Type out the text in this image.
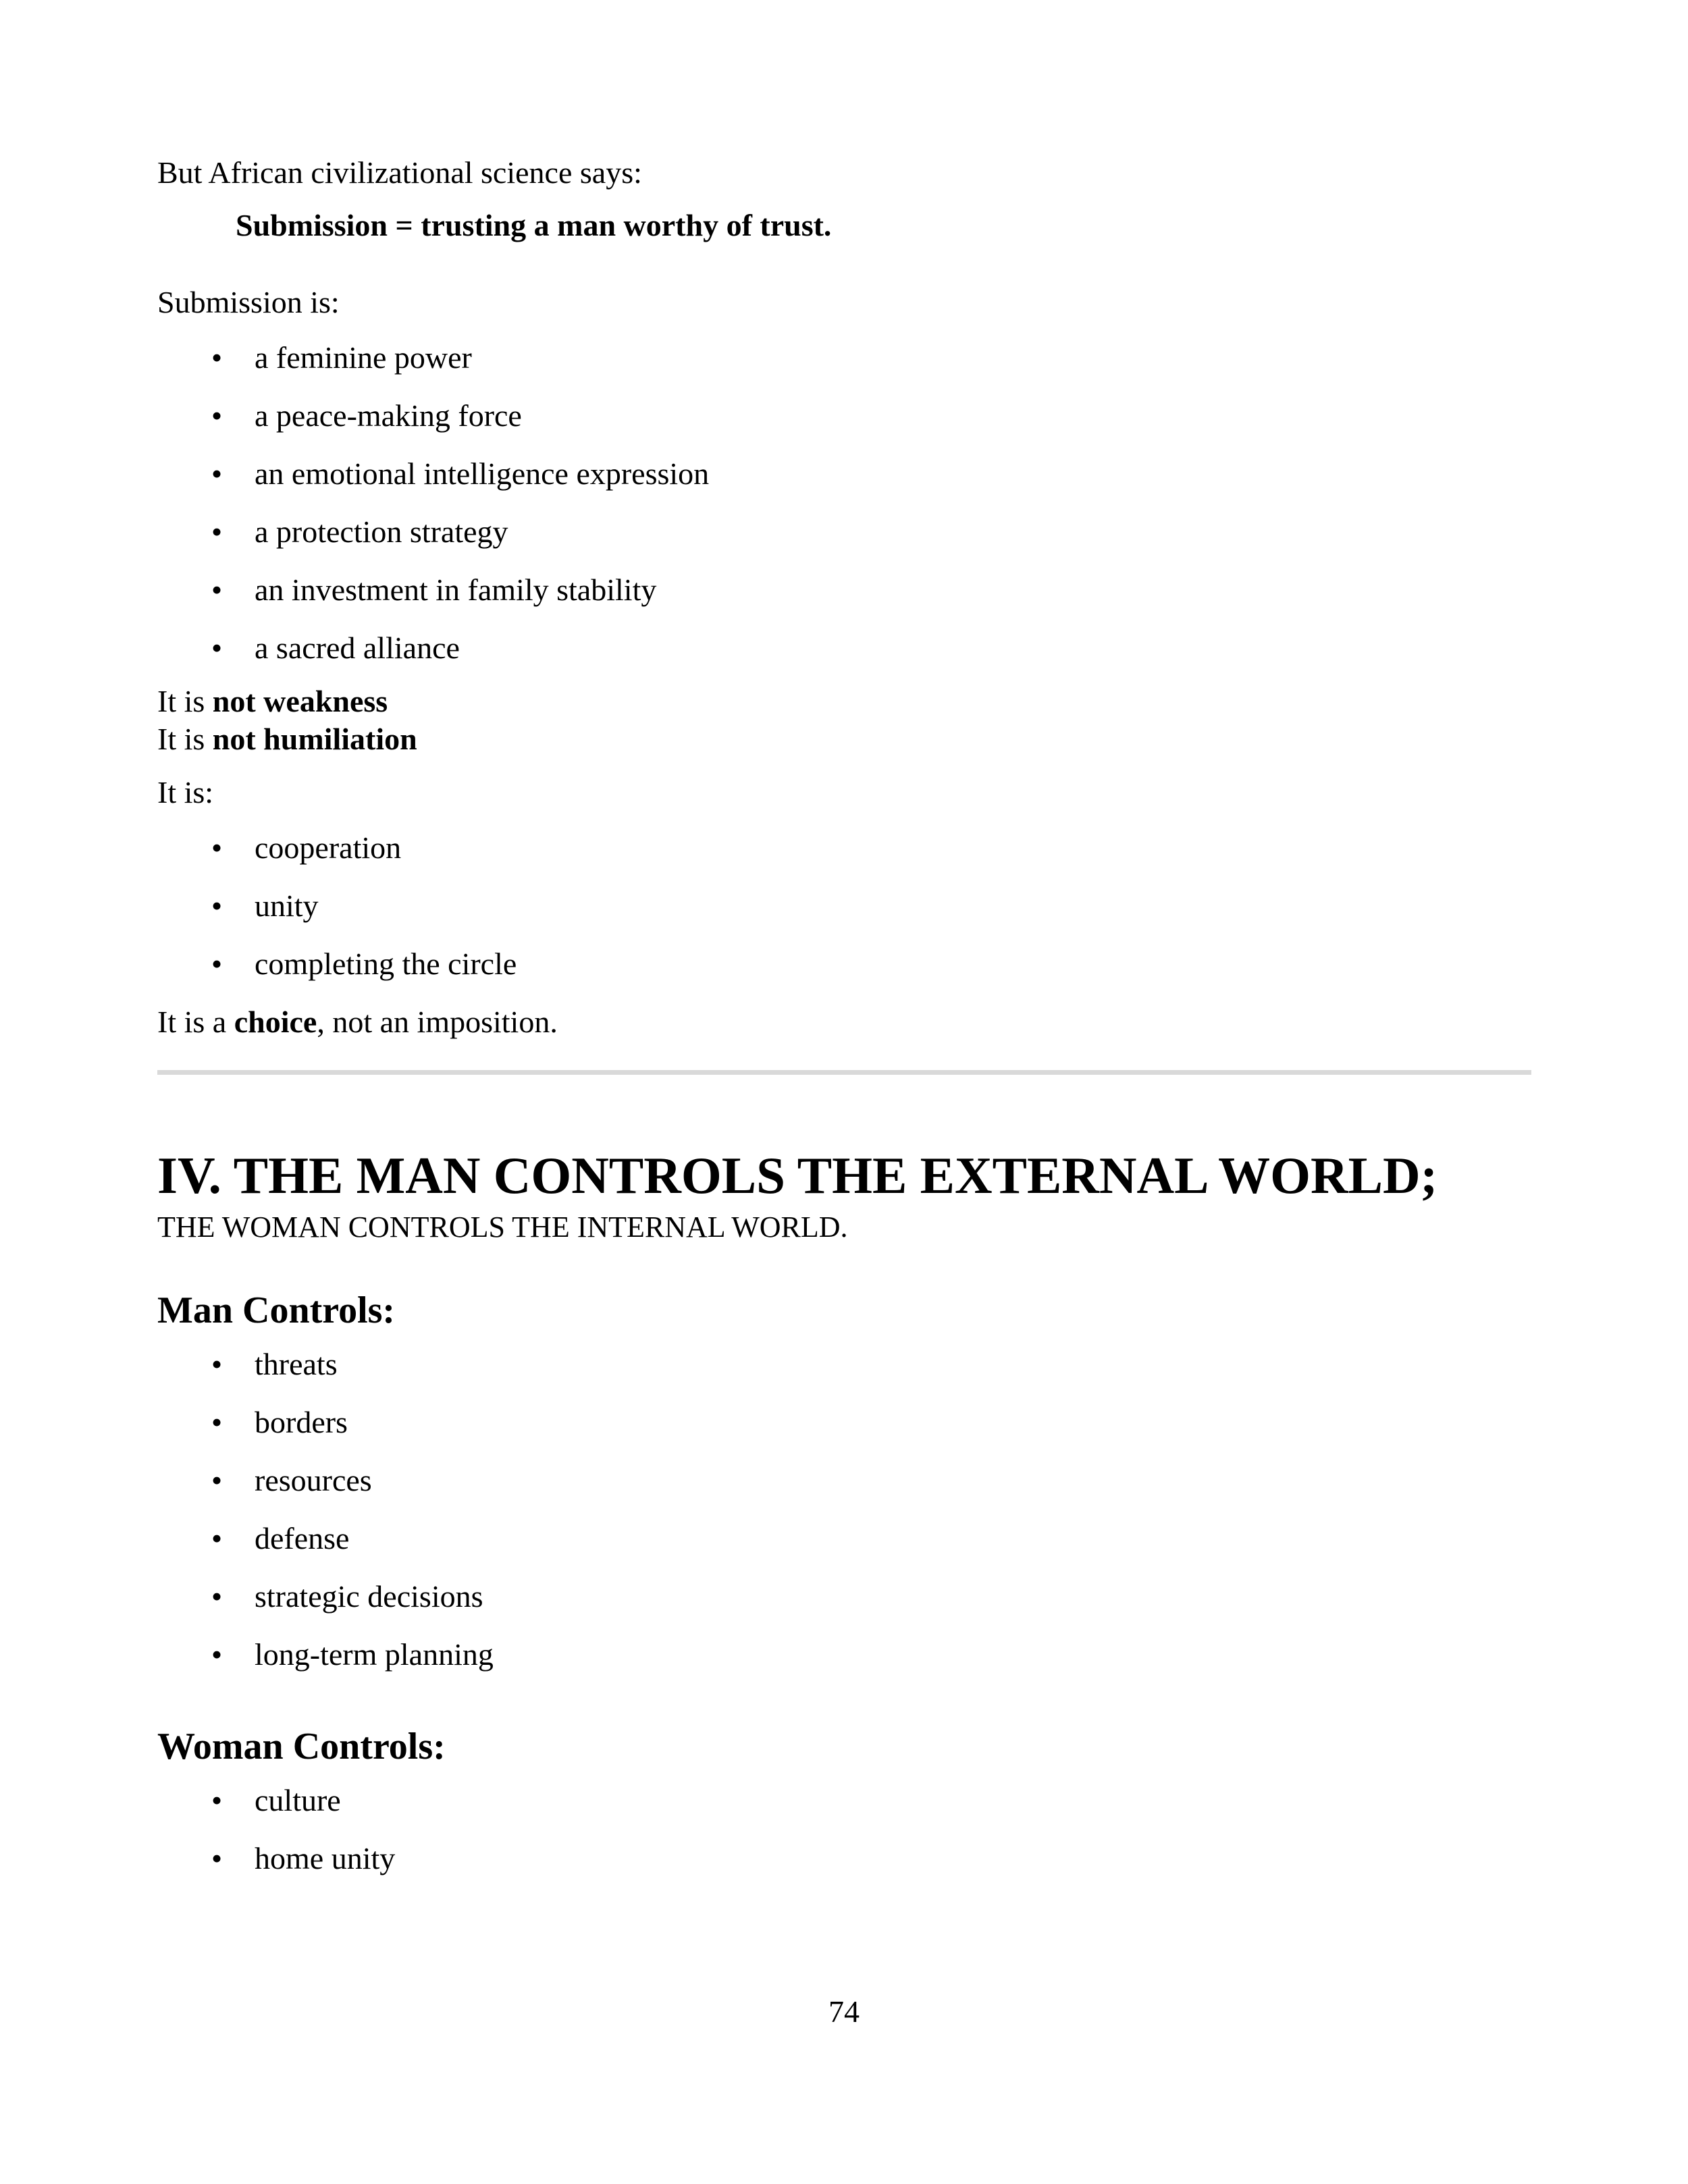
But African civilizational science says:

Submission = trusting a man worthy of trust.

Submission is:

• a feminine power
• a peace-making force
• an emotional intelligence expression
• a protection strategy
• an investment in family stability
• a sacred alliance

It is not weakness

It is not humiliation

It is:

• cooperation
• unity
• completing the circle

It is a choice, not an imposition.

IV. THE MAN CONTROLS THE EXTERNAL WORLD;

THE WOMAN CONTROLS THE INTERNAL WORLD.

Man Controls:
• threats
• borders
• resources
• defense
• strategic decisions
• long-term planning
Woman Controls:
• culture
• home unity
74
